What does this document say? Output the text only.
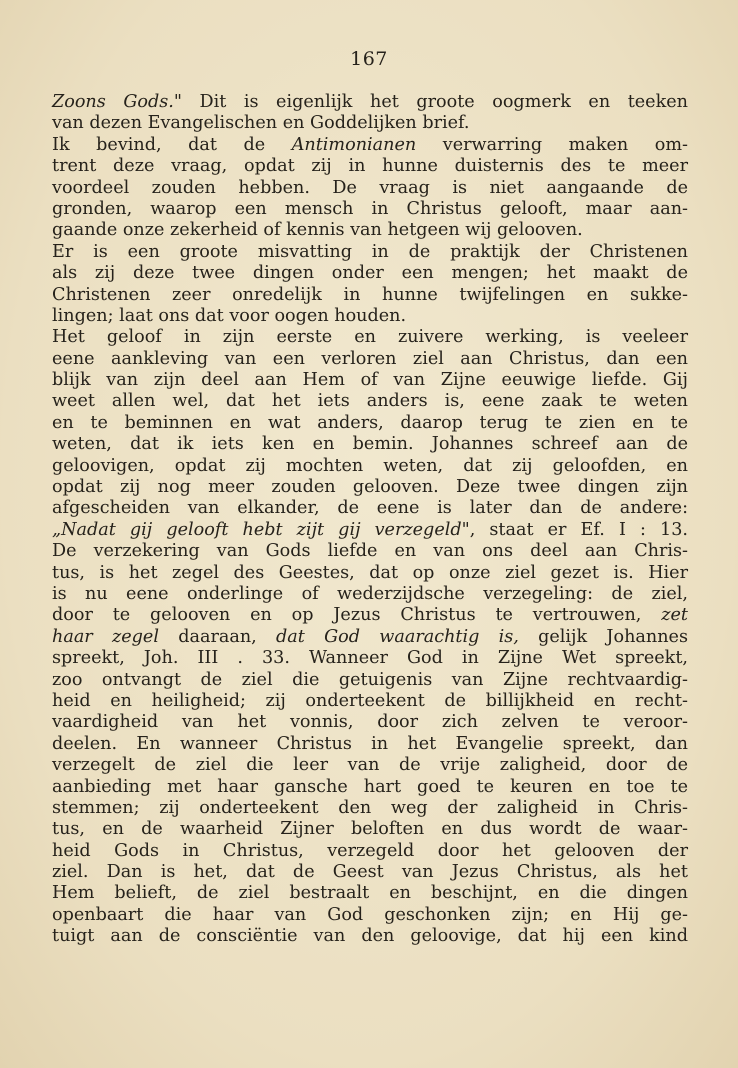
167
Zoons Gods." Dit is eigenlijk het groote oogmerk en teeken
van dezen Evangelischen en Goddelijken brief.
Ik bevind, dat de Antimonianen verwarring maken om-
trent deze vraag, opdat zij in hunne duisternis des te meer
voordeel zouden hebben. De vraag is niet aangaande de
gronden, waarop een mensch in Christus gelooft, maar aan-
gaande onze zekerheid of kennis van hetgeen wij gelooven.
Er is een groote misvatting in de praktijk der Christenen
als zij deze twee dingen onder een mengen; het maakt de
Christenen zeer onredelijk in hunne twijfelingen en sukke-
lingen; laat ons dat voor oogen houden.
Het geloof in zijn eerste en zuivere werking, is veeleer
eene aankleving van een verloren ziel aan Christus, dan een
blijk van zijn deel aan Hem of van Zijne eeuwige liefde. Gij
weet allen wel, dat het iets anders is, eene zaak te weten
en te beminnen en wat anders, daarop terug te zien en te
weten, dat ik iets ken en bemin. Johannes schreef aan de
geloovigen, opdat zij mochten weten, dat zij geloofden, en
opdat zij nog meer zouden gelooven. Deze twee dingen zijn
afgescheiden van elkander, de eene is later dan de andere:
„Nadat gij gelooft hebt zijt gij verzegeld", staat er Ef. I : 13.
De verzekering van Gods liefde en van ons deel aan Chris-
tus, is het zegel des Geestes, dat op onze ziel gezet is. Hier
is nu eene onderlinge of wederzijdsche verzegeling: de ziel,
door te gelooven en op Jezus Christus te vertrouwen, zet
haar zegel daaraan, dat God waarachtig is, gelijk Johannes
spreekt, Joh. III . 33. Wanneer God in Zijne Wet spreekt,
zoo ontvangt de ziel die getuigenis van Zijne rechtvaardig-
heid en heiligheid; zij onderteekent de billijkheid en recht-
vaardigheid van het vonnis, door zich zelven te veroor-
deelen. En wanneer Christus in het Evangelie spreekt, dan
verzegelt de ziel die leer van de vrije zaligheid, door de
aanbieding met haar gansche hart goed te keuren en toe te
stemmen; zij onderteekent den weg der zaligheid in Chris-
tus, en de waarheid Zijner beloften en dus wordt de waar-
heid Gods in Christus, verzegeld door het gelooven der
ziel. Dan is het, dat de Geest van Jezus Christus, als het
Hem belieft, de ziel bestraalt en beschijnt, en die dingen
openbaart die haar van God geschonken zijn; en Hij ge-
tuigt aan de consciëntie van den geloovige, dat hij een kind
